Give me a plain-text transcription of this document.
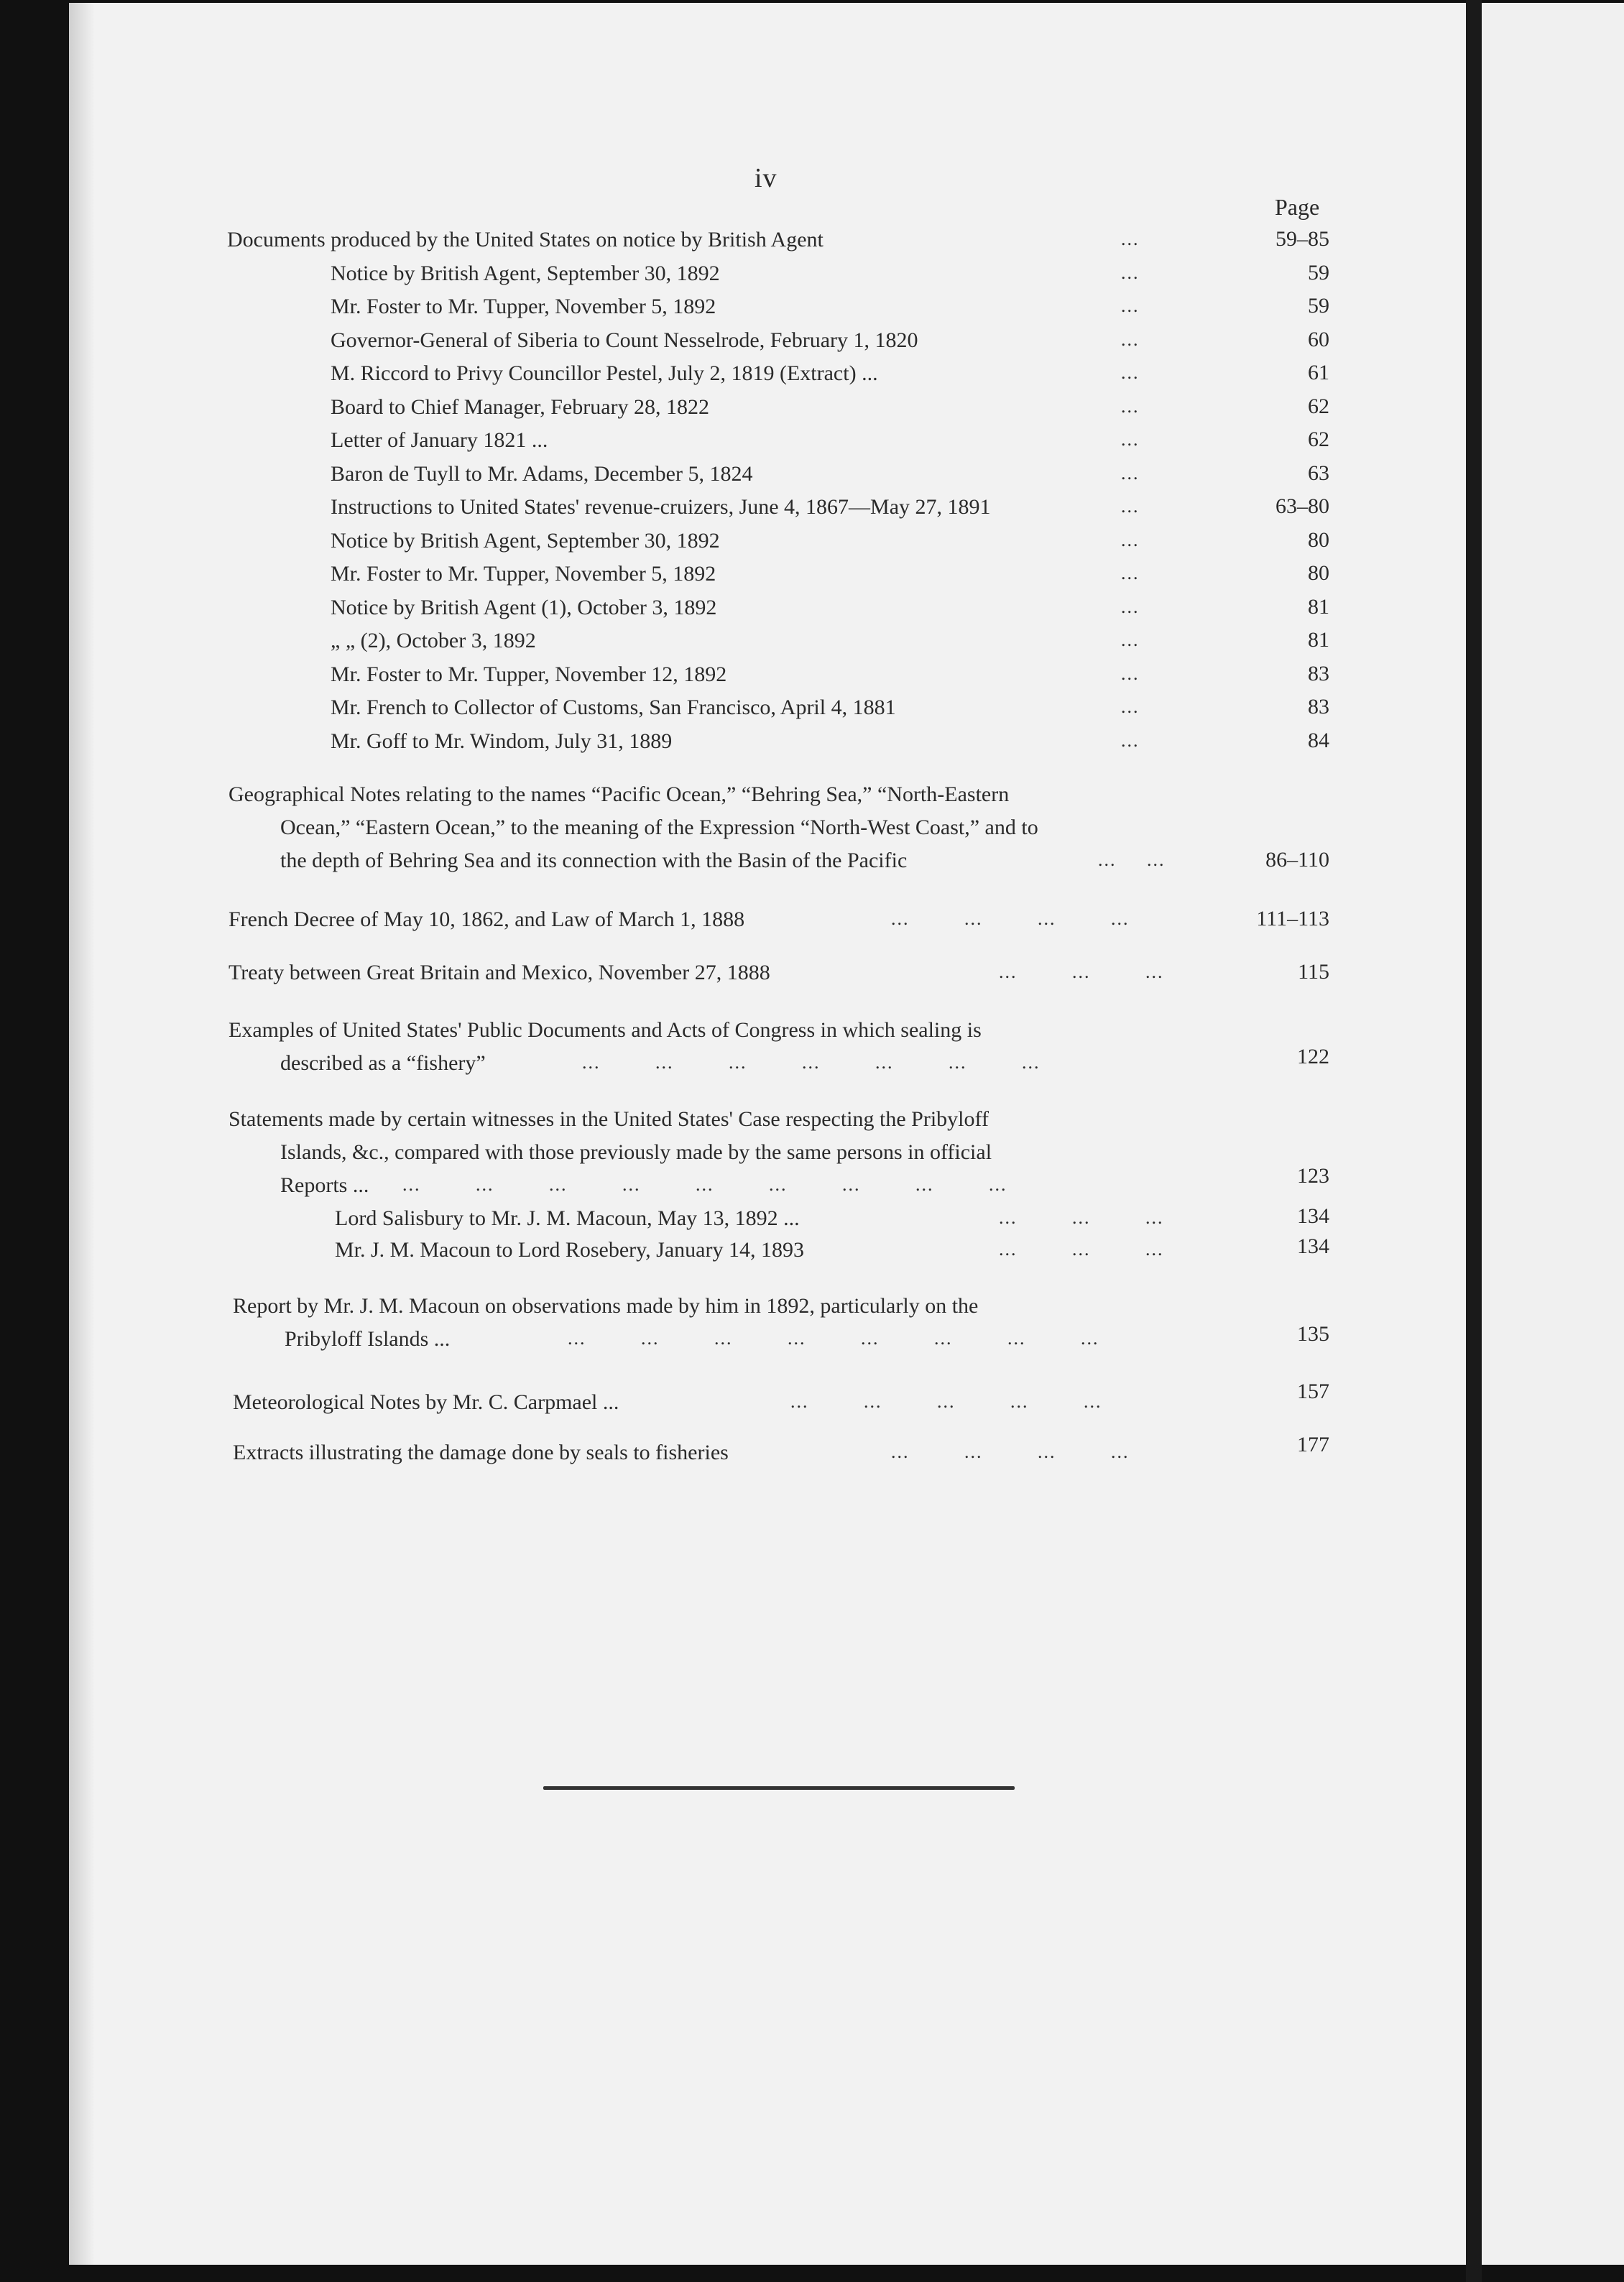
iv
Page
Documents produced by the United States on notice by British Agent	...	59–85
Notice by British Agent, September 30, 1892	...	59
Mr. Foster to Mr. Tupper, November 5, 1892	...	59
Governor-General of Siberia to Count Nesselrode, February 1, 1820	...	60
M. Riccord to Privy Councillor Pestel, July 2, 1819 (Extract) ...	...	61
Board to Chief Manager, February 28, 1822	...	62
Letter of January 1821 ...	...	62
Baron de Tuyll to Mr. Adams, December 5, 1824	...	63
Instructions to United States' revenue-cruizers, June 4, 1867—May 27, 1891	...	63–80
Notice by British Agent, September 30, 1892	...	80
Mr. Foster to Mr. Tupper, November 5, 1892	...	80
Notice by British Agent (1), October 3, 1892	...	81
„ „ (2), October 3, 1892	...	81
Mr. Foster to Mr. Tupper, November 12, 1892	...	83
Mr. French to Collector of Customs, San Francisco, April 4, 1881	...	83
Mr. Goff to Mr. Windom, July 31, 1889	...	84
Geographical Notes relating to the names “Pacific Ocean,” “Behring Sea,” “North-Eastern
Ocean,” “Eastern Ocean,” to the meaning of the Expression “North-West Coast,” and to
the depth of Behring Sea and its connection with the Basin of the Pacific	... ...	86–110
French Decree of May 10, 1862, and Law of March 1, 1888	...	...	...	...	111–113
Treaty between Great Britain and Mexico, November 27, 1888	...	...	...	115
Examples of United States' Public Documents and Acts of Congress in which sealing is
described as a “fishery”	...	...	...	...	...	...	...	122
Statements made by certain witnesses in the United States' Case respecting the Pribyloff
Islands, &c., compared with those previously made by the same persons in official
Reports ... ...	...	...	...	...	...	...	...	...	123
Lord Salisbury to Mr. J. M. Macoun, May 13, 1892 ...	...	...	...	134
Mr. J. M. Macoun to Lord Rosebery, January 14, 1893	...	...	...	134
Report by Mr. J. M. Macoun on observations made by him in 1892, particularly on the
Pribyloff Islands ...	...	...	...	...	...	...	...	...	135
Meteorological Notes by Mr. C. Carpmael ...	...	...	...	...	...	157
Extracts illustrating the damage done by seals to fisheries	...	...	...	...	177
